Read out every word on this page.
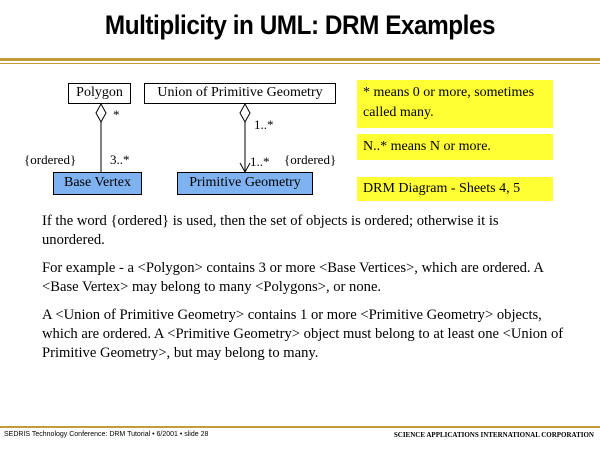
Multiplicity in UML: DRM Examples
Polygon	Union of Primitive Geometry
Base Vertex	Primitive Geometry
*
{ordered}	3..*
1..*
1..* {ordered}
* means 0 or more, sometimes called many.
N..* means N or more.
DRM Diagram - Sheets 4, 5

If the word {ordered} is used, then the set of objects is ordered; otherwise it is unordered.

For example - a <Polygon> contains 3 or more <Base Vertices>, which are ordered. A <Base Vertex> may belong to many <Polygons>, or none.

A <Union of Primitive Geometry> contains 1 or more <Primitive Geometry> objects, which are ordered. A <Primitive Geometry> object must belong to at least one <Union of Primitive Geometry>, but may belong to many.

SEDRIS Technology Conference: DRM Tutorial • 6/2001 • slide 28	SCIENCE APPLICATIONS INTERNATIONAL CORPORATION
